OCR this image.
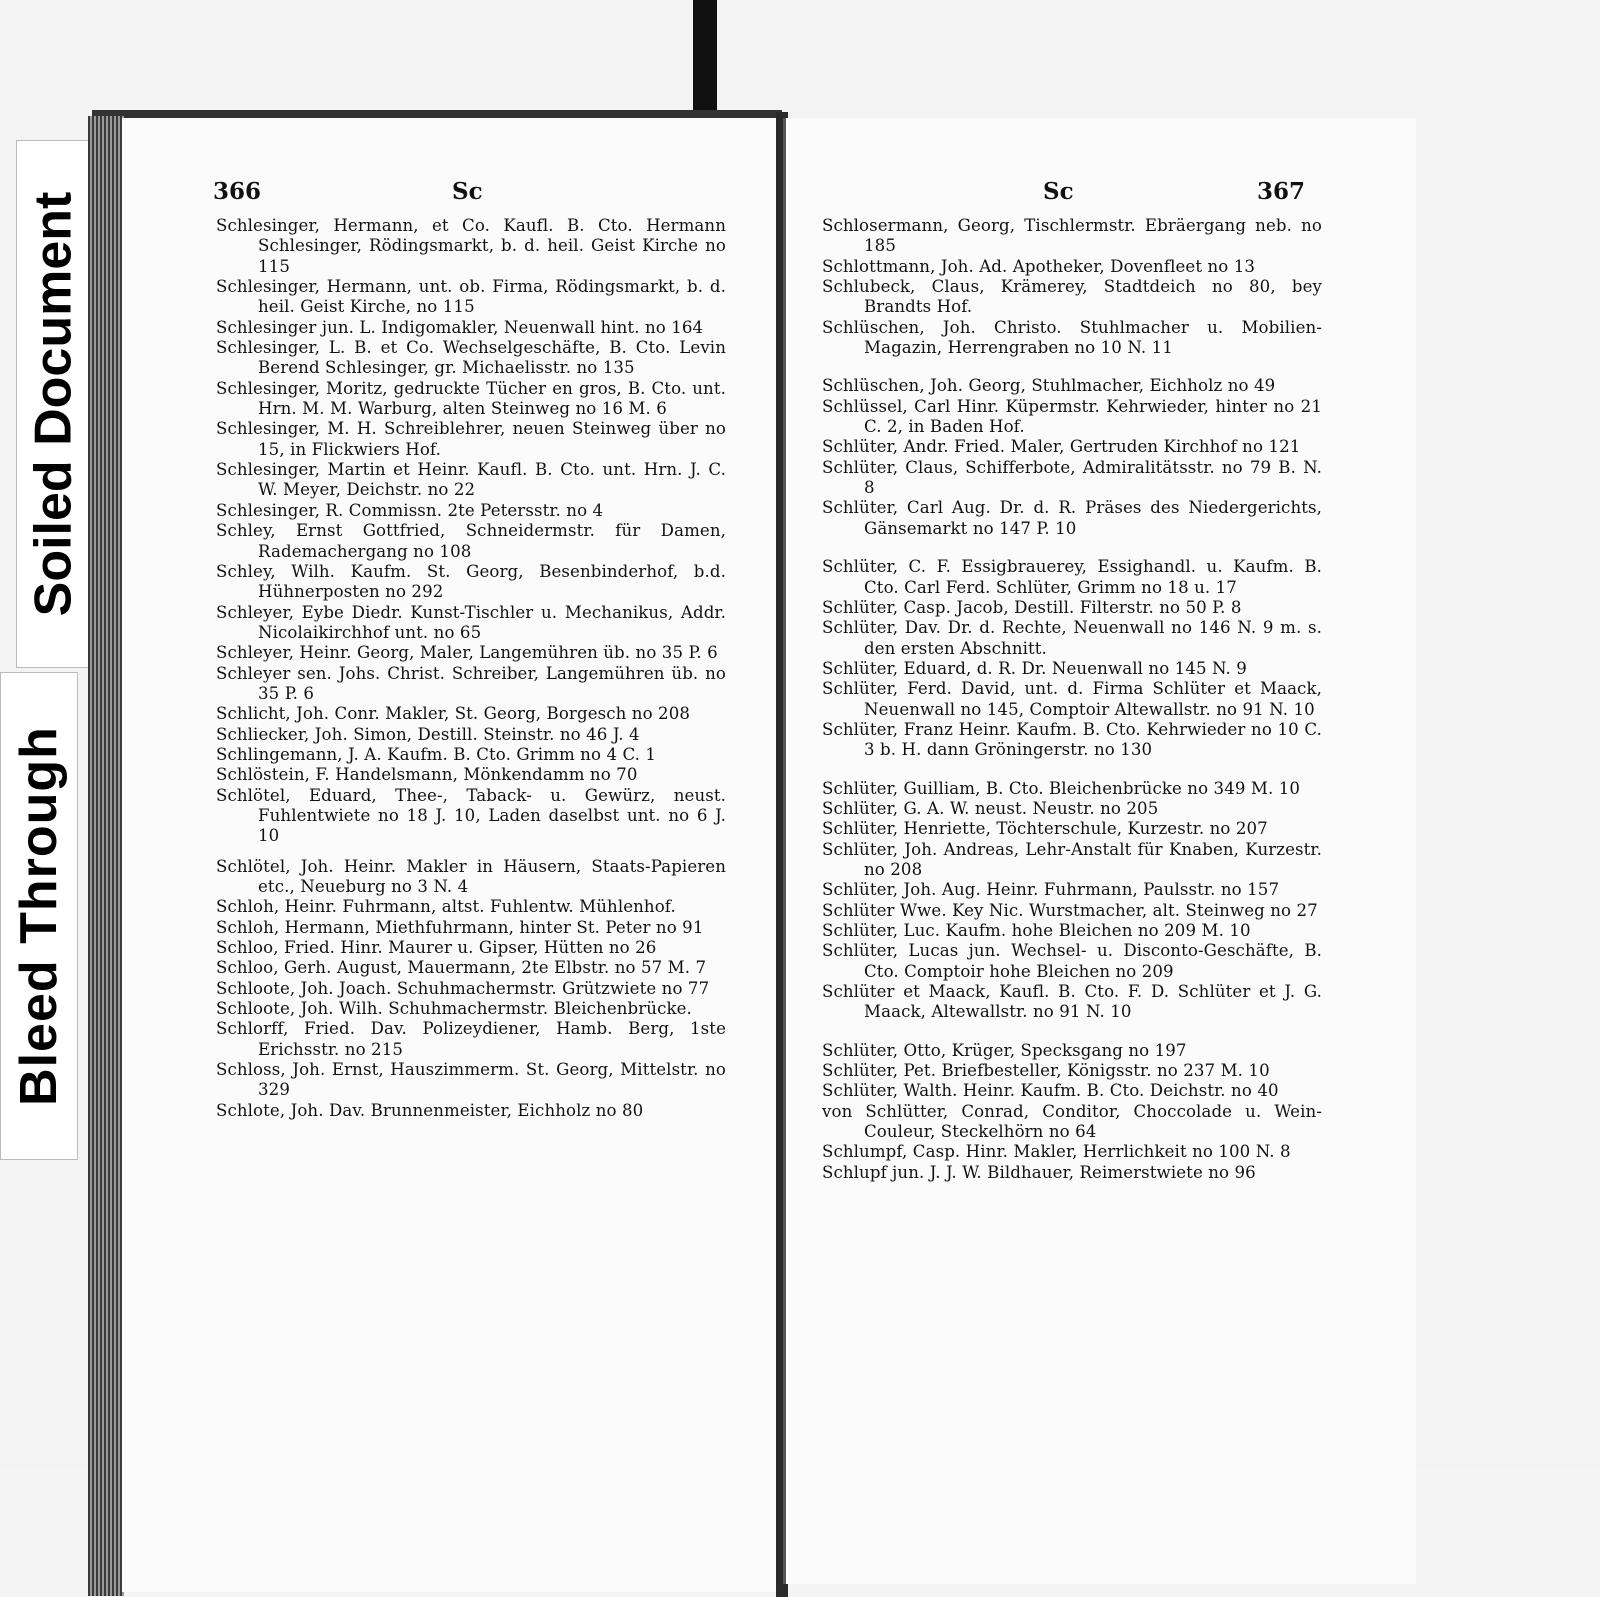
Soiled Document
Bleed Through
366	Sc	Sc	367

Schlesinger, Hermann, et Co. Kaufl. B. Cto. Hermann Schlesinger, Rödingsmarkt, b. d. heil. Geist Kirche no 115

Schlesinger, Hermann, unt. ob. Firma, Rödingsmarkt, b. d. heil. Geist Kirche, no 115

Schlesinger jun. L. Indigomakler, Neuenwall hint. no 164

Schlesinger, L. B. et Co. Wechselgeschäfte, B. Cto. Levin Berend Schlesinger, gr. Michaelisstr. no 135

Schlesinger, Moritz, gedruckte Tücher en gros, B. Cto. unt. Hrn. M. M. Warburg, alten Steinweg no 16 M. 6

Schlesinger, M. H. Schreiblehrer, neuen Steinweg über no 15, in Flickwiers Hof.

Schlesinger, Martin et Heinr. Kaufl. B. Cto. unt. Hrn. J. C. W. Meyer, Deichstr. no 22

Schlesinger, R. Commissn. 2te Petersstr. no 4

Schley, Ernst Gottfried, Schneidermstr. für Damen, Rademachergang no 108

Schley, Wilh. Kaufm. St. Georg, Besenbinderhof, b.d. Hühnerposten no 292

Schleyer, Eybe Diedr. Kunst-Tischler u. Mechanikus, Addr. Nicolaikirchhof unt. no 65

Schleyer, Heinr. Georg, Maler, Langemühren üb. no 35 P. 6

Schleyer sen. Johs. Christ. Schreiber, Langemühren üb. no 35 P. 6

Schlicht, Joh. Conr. Makler, St. Georg, Borgesch no 208

Schliecker, Joh. Simon, Destill. Steinstr. no 46 J. 4

Schlingemann, J. A. Kaufm. B. Cto. Grimm no 4 C. 1

Schlöstein, F. Handelsmann, Mönkendamm no 70

Schlötel, Eduard, Thee-, Taback- u. Gewürz, neust. Fuhlentwiete no 18 J. 10, Laden daselbst unt. no 6 J. 10

Schlötel, Joh. Heinr. Makler in Häusern, Staats-Papieren etc., Neueburg no 3 N. 4

Schloh, Heinr. Fuhrmann, altst. Fuhlentw. Mühlenhof.

Schloh, Hermann, Miethfuhrmann, hinter St. Peter no 91

Schloo, Fried. Hinr. Maurer u. Gipser, Hütten no 26

Schloo, Gerh. August, Mauermann, 2te Elbstr. no 57 M. 7

Schloote, Joh. Joach. Schuhmachermstr. Grützwiete no 77

Schloote, Joh. Wilh. Schuhmachermstr. Bleichenbrücke.

Schlorff, Fried. Dav. Polizeydiener, Hamb. Berg, 1ste Erichsstr. no 215

Schloss, Joh. Ernst, Hauszimmerm. St. Georg, Mittelstr. no 329

Schlote, Joh. Dav. Brunnenmeister, Eichholz no 80

Schlosermann, Georg, Tischlermstr. Ebräergang neb. no 185

Schlottmann, Joh. Ad. Apotheker, Dovenfleet no 13

Schlubeck, Claus, Krämerey, Stadtdeich no 80, bey Brandts Hof.

Schlüschen, Joh. Christo. Stuhlmacher u. Mobilien-Magazin, Herrengraben no 10 N. 11

Schlüschen, Joh. Georg, Stuhlmacher, Eichholz no 49

Schlüssel, Carl Hinr. Küpermstr. Kehrwieder, hinter no 21 C. 2, in Baden Hof.

Schlüter, Andr. Fried. Maler, Gertruden Kirchhof no 121

Schlüter, Claus, Schifferbote, Admiralitätsstr. no 79 B. N. 8

Schlüter, Carl Aug. Dr. d. R. Präses des Niedergerichts, Gänsemarkt no 147 P. 10

Schlüter, C. F. Essigbrauerey, Essighandl. u. Kaufm. B. Cto. Carl Ferd. Schlüter, Grimm no 18 u. 17

Schlüter, Casp. Jacob, Destill. Filterstr. no 50 P. 8

Schlüter, Dav. Dr. d. Rechte, Neuenwall no 146 N. 9 m. s. den ersten Abschnitt.

Schlüter, Eduard, d. R. Dr. Neuenwall no 145 N. 9

Schlüter, Ferd. David, unt. d. Firma Schlüter et Maack, Neuenwall no 145, Comptoir Altewallstr. no 91 N. 10

Schlüter, Franz Heinr. Kaufm. B. Cto. Kehrwieder no 10 C. 3 b. H. dann Gröningerstr. no 130

Schlüter, Guilliam, B. Cto. Bleichenbrücke no 349 M. 10

Schlüter, G. A. W. neust. Neustr. no 205

Schlüter, Henriette, Töchterschule, Kurzestr. no 207

Schlüter, Joh. Andreas, Lehr-Anstalt für Knaben, Kurzestr. no 208

Schlüter, Joh. Aug. Heinr. Fuhrmann, Paulsstr. no 157

Schlüter Wwe. Key Nic. Wurstmacher, alt. Steinweg no 27

Schlüter, Luc. Kaufm. hohe Bleichen no 209 M. 10

Schlüter, Lucas jun. Wechsel- u. Disconto-Geschäfte, B. Cto. Comptoir hohe Bleichen no 209

Schlüter et Maack, Kaufl. B. Cto. F. D. Schlüter et J. G. Maack, Altewallstr. no 91 N. 10

Schlüter, Otto, Krüger, Specksgang no 197

Schlüter, Pet. Briefbesteller, Königsstr. no 237 M. 10

Schlüter, Walth. Heinr. Kaufm. B. Cto. Deichstr. no 40

von Schlütter, Conrad, Conditor, Choccolade u. Wein-Couleur, Steckelhörn no 64

Schlumpf, Casp. Hinr. Makler, Herrlichkeit no 100 N. 8

Schlupf jun. J. J. W. Bildhauer, Reimerstwiete no 96
